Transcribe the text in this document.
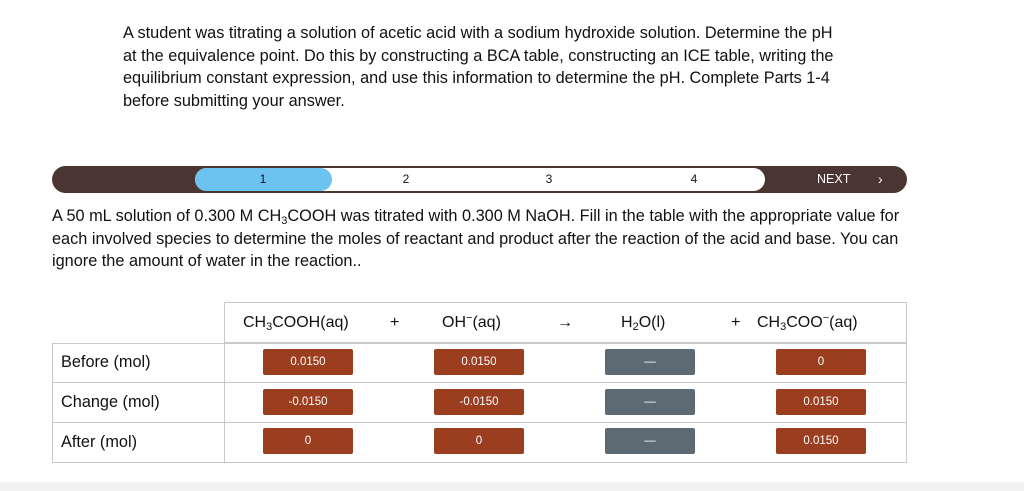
A student was titrating a solution of acetic acid with a sodium hydroxide solution. Determine the pH at the equivalence point. Do this by constructing a BCA table, constructing an ICE table, writing the equilibrium constant expression, and use this information to determine the pH. Complete Parts 1-4 before submitting your answer.
1	2	3	4	NEXT ›
A 50 mL solution of 0.300 M $CH_3COOH$ was titrated with 0.300 M NaOH. Fill in the table with the appropriate value for each involved species to determine the moles of reactant and product after the reaction of the acid and base. You can ignore the amount of water in the reaction..
$CH_3COOH(aq)$	+	OH−(aq)	→	$H_2O(l)$	+ $CH_3COO^-(aq)$
Before (mol)	0.0150	0.0150	—	0
Change (mol)	-0.0150	-0.0150	—	0.0150
After (mol)	0	0	—	0.0150
